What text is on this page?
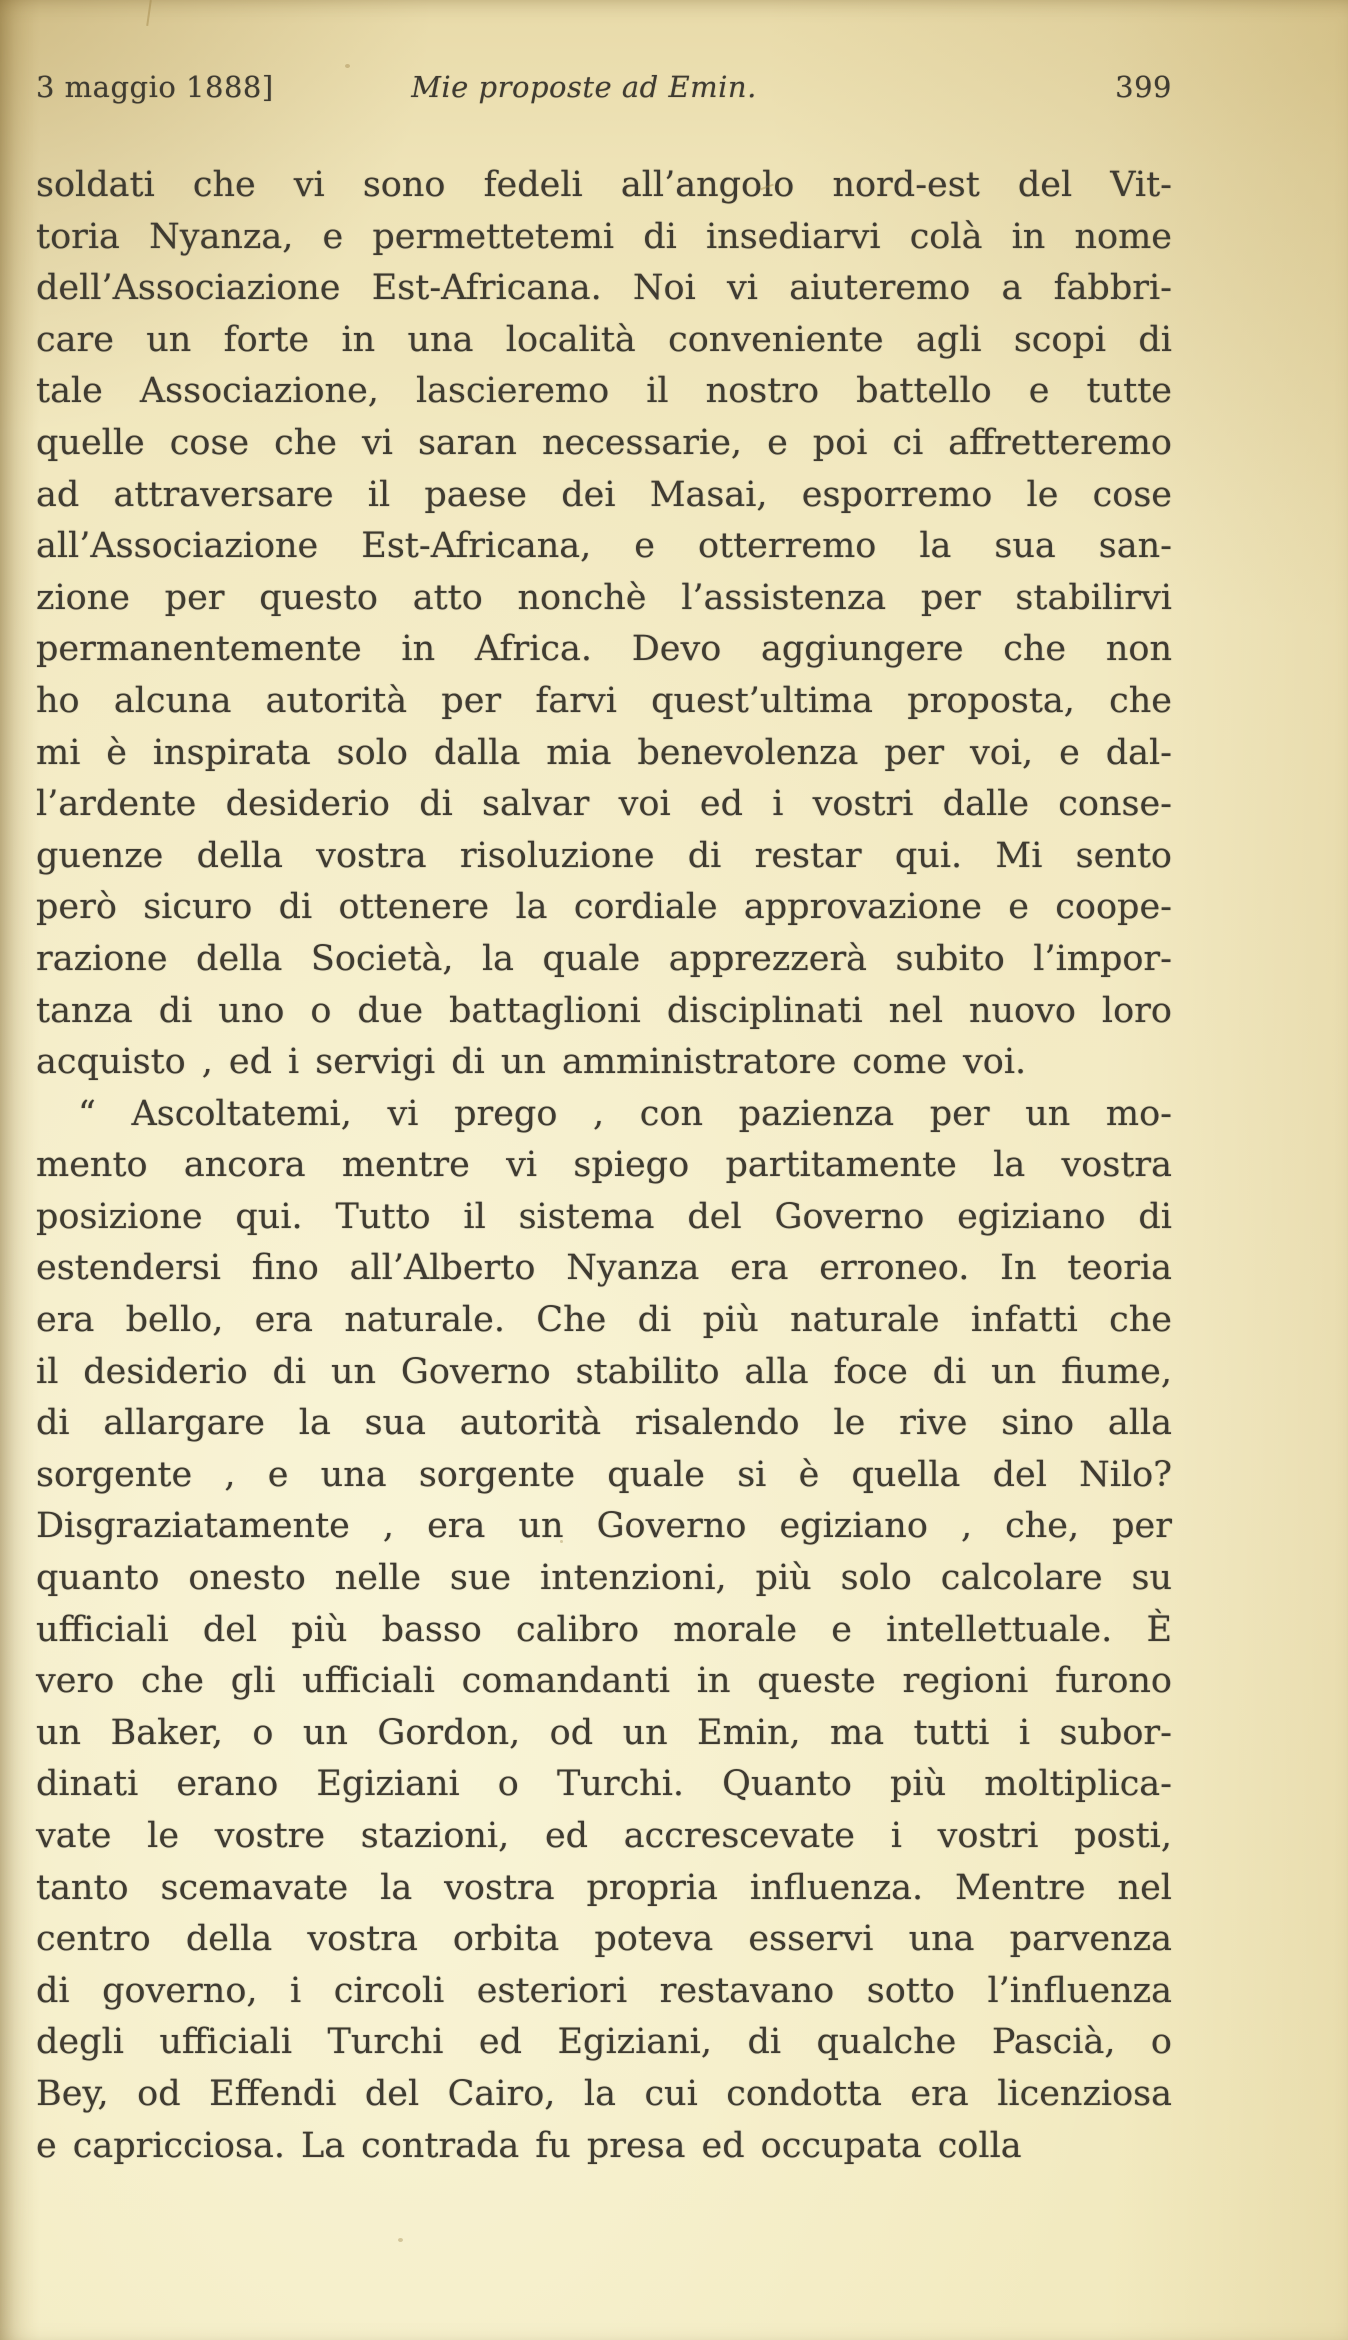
3 maggio 1888]	Mie proposte ad Emin.	399
soldati che vi sono fedeli all’angolo nord-est del Vit-
toria Nyanza, e permettetemi di insediarvi colà in nome
dell’Associazione Est-Africana. Noi vi aiuteremo a fabbri-
care un forte in una località conveniente agli scopi di
tale Associazione, lascieremo il nostro battello e tutte
quelle cose che vi saran necessarie, e poi ci affretteremo
ad attraversare il paese dei Masai, esporremo le cose
all’Associazione Est-Africana, e otterremo la sua san-
zione per questo atto nonchè l’assistenza per stabilirvi
permanentemente in Africa. Devo aggiungere che non
ho alcuna autorità per farvi quest’ultima proposta, che
mi è inspirata solo dalla mia benevolenza per voi, e dal-
l’ardente desiderio di salvar voi ed i vostri dalle conse-
guenze della vostra risoluzione di restar qui. Mi sento
però sicuro di ottenere la cordiale approvazione e coope-
razione della Società, la quale apprezzerà subito l’impor-
tanza di uno o due battaglioni disciplinati nel nuovo loro
acquisto , ed i servigi di un amministratore come voi.
“ Ascoltatemi, vi prego , con pazienza per un mo-
mento ancora mentre vi spiego partitamente la vostra
posizione qui. Tutto il sistema del Governo egiziano di
estendersi fino all’Alberto Nyanza era erroneo. In teoria
era bello, era naturale. Che di più naturale infatti che
il desiderio di un Governo stabilito alla foce di un fiume,
di allargare la sua autorità risalendo le rive sino alla
sorgente , e una sorgente quale si è quella del Nilo?
Disgraziatamente , era un Governo egiziano , che, per
quanto onesto nelle sue intenzioni, più solo calcolare su
ufficiali del più basso calibro morale e intellettuale. È
vero che gli ufficiali comandanti in queste regioni furono
un Baker, o un Gordon, od un Emin, ma tutti i subor-
dinati erano Egiziani o Turchi. Quanto più moltiplica-
vate le vostre stazioni, ed accrescevate i vostri posti,
tanto scemavate la vostra propria influenza. Mentre nel
centro della vostra orbita poteva esservi una parvenza
di governo, i circoli esteriori restavano sotto l’influenza
degli ufficiali Turchi ed Egiziani, di qualche Pascià, o
Bey, od Effendi del Cairo, la cui condotta era licenziosa
e capricciosa. La contrada fu presa ed occupata colla
